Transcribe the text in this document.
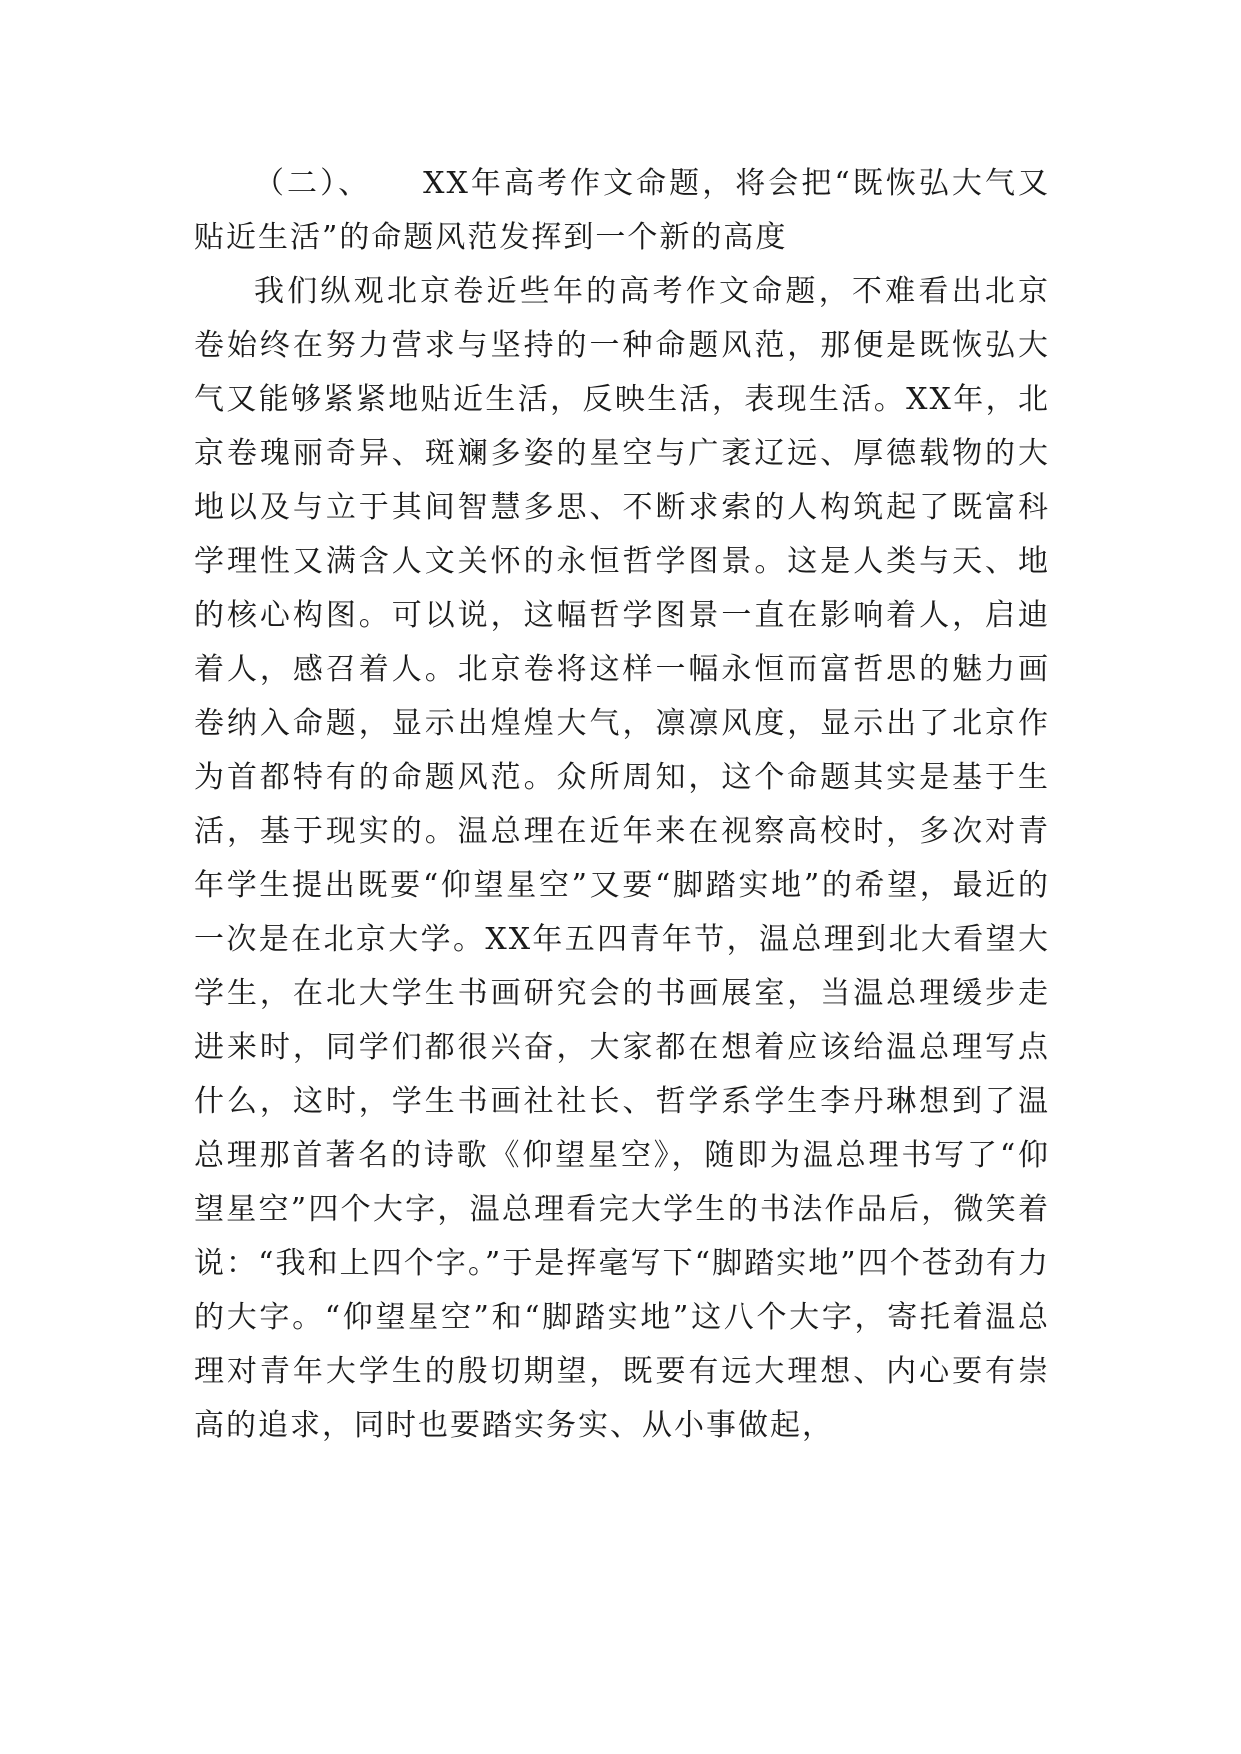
（二）、 XX年高考作文命题，将会把“既恢弘大气又贴近生活”的命题风范发挥到一个新的高度

我们纵观北京卷近些年的高考作文命题，不难看出北京卷始终在努力营求与坚持的一种命题风范，那便是既恢弘大气又能够紧紧地贴近生活，反映生活，表现生活。XX年，北京卷瑰丽奇异、斑斓多姿的星空与广袤辽远、厚德载物的大地以及与立于其间智慧多思、不断求索的人构筑起了既富科学理性又满含人文关怀的永恒哲学图景。这是人类与天、地的核心构图。可以说，这幅哲学图景一直在影响着人，启迪着人，感召着人。北京卷将这样一幅永恒而富哲思的魅力画卷纳入命题，显示出煌煌大气，凛凛风度，显示出了北京作为首都特有的命题风范。众所周知，这个命题其实是基于生活，基于现实的。温总理在近年来在视察高校时，多次对青年学生提出既要“仰望星空”又要“脚踏实地”的希望，最近的一次是在北京大学。XX年五四青年节，温总理到北大看望大学生，在北大学生书画研究会的书画展室，当温总理缓步走进来时，同学们都很兴奋，大家都在想着应该给温总理写点什么，这时，学生书画社社长、哲学系学生李丹琳想到了温总理那首著名的诗歌《仰望星空》，随即为温总理书写了“仰望星空”四个大字，温总理看完大学生的书法作品后，微笑着说：“我和上四个字。”于是挥毫写下“脚踏实地”四个苍劲有力的大字。“仰望星空”和“脚踏实地”这八个大字，寄托着温总理对青年大学生的殷切期望，既要有远大理想、内心要有崇高的追求，同时也要踏实务实、从小事做起，
